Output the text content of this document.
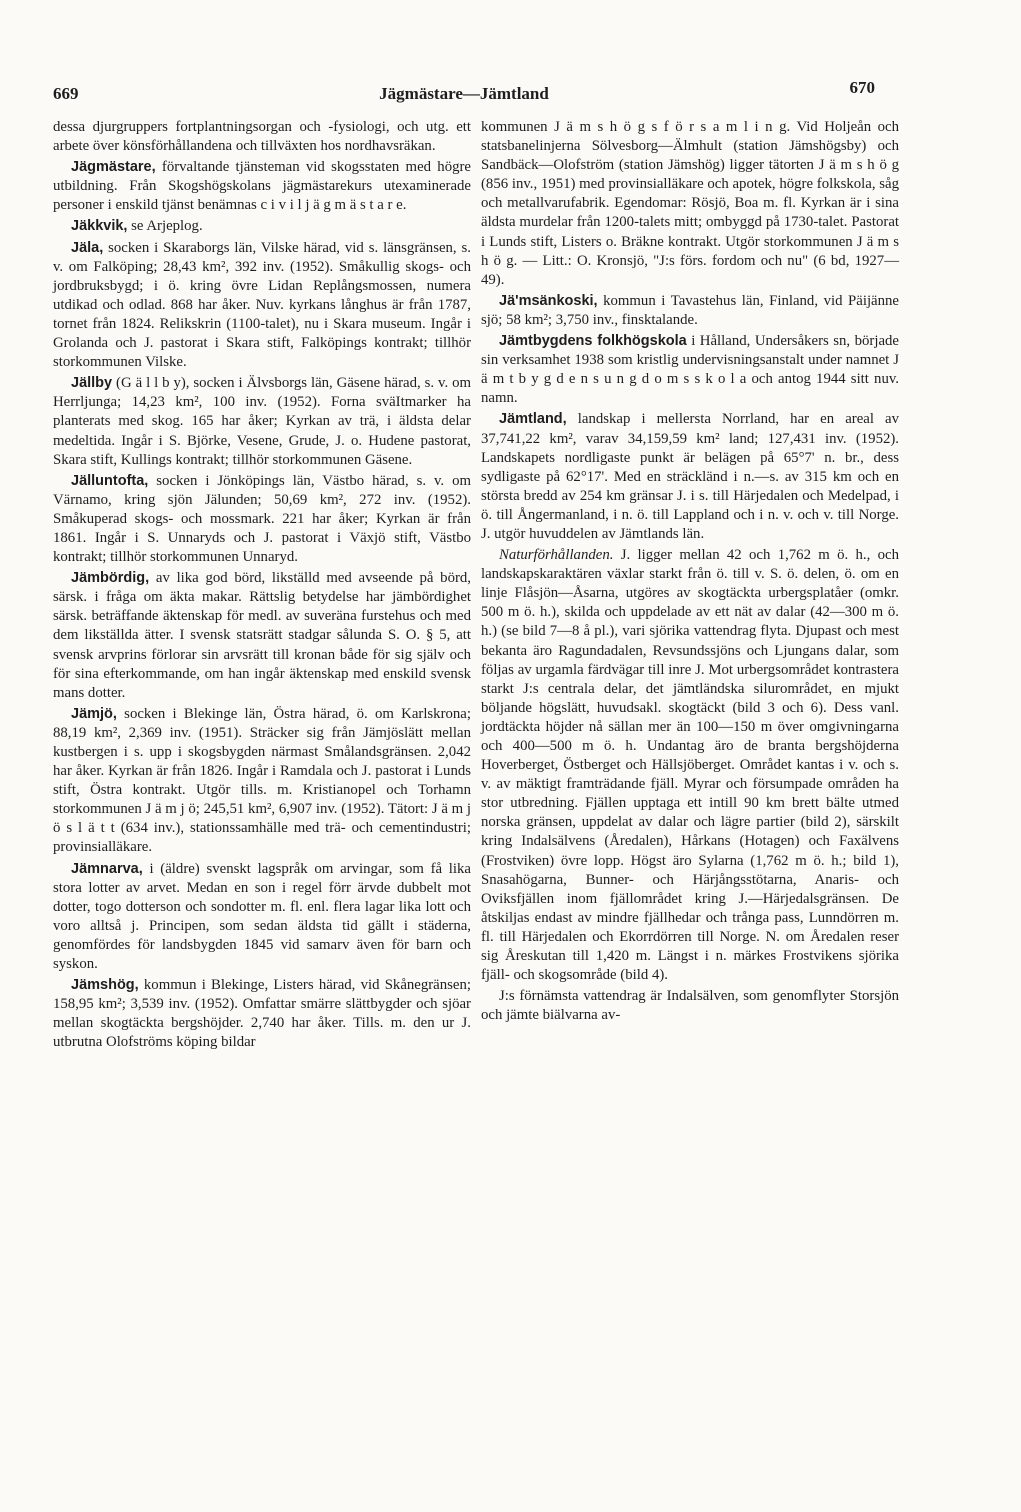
669	Jägmästare—Jämtland	670

dessa djurgruppers fortplantningsorgan och -fysiologi, och utg. ett arbete över könsförhållandena och tillväxten hos nordhavsräkan.

Jägmästare, förvaltande tjänsteman vid skogsstaten med högre utbildning. Från Skogshögskolans jägmästarekurs utexaminerade personer i enskild tjänst benämnas c i v i l j ä g m ä s t a r e.

Jäkkvik, se Arjeplog.

Jäla, socken i Skaraborgs län, Vilske härad, vid s. länsgränsen, s. v. om Falköping; 28,43 km², 392 inv. (1952). Småkullig skogs- och jordbruksbygd; i ö. kring övre Lidan Replångsmossen, numera utdikad och odlad. 868 har åker. Nuv. kyrkans långhus är från 1787, tornet från 1824. Relikskrin (1100-talet), nu i Skara museum. Ingår i Grolanda och J. pastorat i Skara stift, Falköpings kontrakt; tillhör storkommunen Vilske.

Jällby (G ä l l b y), socken i Älvsborgs län, Gäsene härad, s. v. om Herrljunga; 14,23 km², 100 inv. (1952). Forna sväItmarker ha planterats med skog. 165 har åker; Kyrkan av trä, i äldsta delar medeltida. Ingår i S. Björke, Vesene, Grude, J. o. Hudene pastorat, Skara stift, Kullings kontrakt; tillhör storkommunen Gäsene.

Jälluntofta, socken i Jönköpings län, Västbo härad, s. v. om Värnamo, kring sjön Jälunden; 50,69 km², 272 inv. (1952). Småkuperad skogs- och mossmark. 221 har åker; Kyrkan är från 1861. Ingår i S. Unnaryds och J. pastorat i Växjö stift, Västbo kontrakt; tillhör storkommunen Unnaryd.

Jämbördig, av lika god börd, likställd med avseende på börd, särsk. i fråga om äkta makar. Rättslig betydelse har jämbördighet särsk. beträffande äktenskap för medl. av suveräna furstehus och med dem likställda ätter. I svensk statsrätt stadgar sålunda S. O. § 5, att svensk arvprins förlorar sin arvsrätt till kronan både för sig själv och för sina efterkommande, om han ingår äktenskap med enskild svensk mans dotter.

Jämjö, socken i Blekinge län, Östra härad, ö. om Karlskrona; 88,19 km², 2,369 inv. (1951). Sträcker sig från Jämjöslätt mellan kustbergen i s. upp i skogsbygden närmast Smålandsgränsen. 2,042 har åker. Kyrkan är från 1826. Ingår i Ramdala och J. pastorat i Lunds stift, Östra kontrakt. Utgör tills. m. Kristianopel och Torhamn storkommunen J ä m j ö; 245,51 km², 6,907 inv. (1952). Tätort: J ä m j ö s l ä t t (634 inv.), stationssamhälle med trä- och cementindustri; provinsialläkare.

Jämnarva, i (äldre) svenskt lagspråk om arvingar, som få lika stora lotter av arvet. Medan en son i regel förr ärvde dubbelt mot dotter, togo dotterson och sondotter m. fl. enl. flera lagar lika lott och voro alltså j. Principen, som sedan äldsta tid gällt i städerna, genomfördes för landsbygden 1845 vid samarv även för barn och syskon.

Jämshög, kommun i Blekinge, Listers härad, vid Skånegränsen; 158,95 km²; 3,539 inv. (1952). Omfattar smärre slättbygder och sjöar mellan skogtäckta bergshöjder. 2,740 har åker. Tills. m. den ur J. utbrutna Olofströms köping bildar

kommunen J ä m s h ö g s f ö r s a m l i n g. Vid Holjeån och statsbanelinjerna Sölvesborg—Älmhult (station Jämshögsby) och Sandbäck—Olofström (station Jämshög) ligger tätorten J ä m s h ö g (856 inv., 1951) med provinsialläkare och apotek, högre folkskola, såg och metallvarufabrik. Egendomar: Rösjö, Boa m. fl. Kyrkan är i sina äldsta murdelar från 1200-talets mitt; ombyggd på 1730-talet. Pastorat i Lunds stift, Listers o. Bräkne kontrakt. Utgör storkommunen J ä m s h ö g. — Litt.: O. Kronsjö, "J:s förs. fordom och nu" (6 bd, 1927—49).

Jä'msänkoski, kommun i Tavastehus län, Finland, vid Päijänne sjö; 58 km²; 3,750 inv., finsktalande.

Jämtbygdens folkhögskola i Hålland, Undersåkers sn, började sin verksamhet 1938 som kristlig undervisningsanstalt under namnet J ä m t b y g d e n s u n g d o m s s k o l a och antog 1944 sitt nuv. namn.

Jämtland, landskap i mellersta Norrland, har en areal av 37,741,22 km², varav 34,159,59 km² land; 127,431 inv. (1952). Landskapets nordligaste punkt är belägen på 65°7' n. br., dess sydligaste på 62°17'. Med en sträckländ i n.—s. av 315 km och en största bredd av 254 km gränsar J. i s. till Härjedalen och Medelpad, i ö. till Ångermanland, i n. ö. till Lappland och i n. v. och v. till Norge. J. utgör huvuddelen av Jämtlands län.

Naturförhållanden. J. ligger mellan 42 och 1,762 m ö. h., och landskapskaraktären växlar starkt från ö. till v. S. ö. delen, ö. om en linje Flåsjön—Åsarna, utgöres av skogtäckta urbergsplatåer (omkr. 500 m ö. h.), skilda och uppdelade av ett nät av dalar (42—300 m ö. h.) (se bild 7—8 å pl.), vari sjörika vattendrag flyta. Djupast och mest bekanta äro Ragundadalen, Revsundssjöns och Ljungans dalar, som följas av urgamla färdvägar till inre J. Mot urbergsområdet kontrastera starkt J:s centrala delar, det jämtländska silurområdet, en mjukt böljande högslätt, huvudsakl. skogtäckt (bild 3 och 6). Dess vanl. jordtäckta höjder nå sällan mer än 100—150 m över omgivningarna och 400—500 m ö. h. Undantag äro de branta bergshöjderna Hoverberget, Östberget och Hällsjöberget. Området kantas i v. och s. v. av mäktigt framträdande fjäll. Myrar och försumpade områden ha stor utbredning. Fjällen upptaga ett intill 90 km brett bälte utmed norska gränsen, uppdelat av dalar och lägre partier (bild 2), särskilt kring Indalsälvens (Åredalen), Hårkans (Hotagen) och Faxälvens (Frostviken) övre lopp. Högst äro Sylarna (1,762 m ö. h.; bild 1), Snasahögarna, Bunner- och Härjångsstötarna, Anaris- och Oviksfjällen inom fjällområdet kring J.—Härjedalsgränsen. De åtskiljas endast av mindre fjällhedar och trånga pass, Lunndörren m. fl. till Härjedalen och Ekorrdörren till Norge. N. om Åredalen reser sig Åreskutan till 1,420 m. Längst i n. märkes Frostvikens sjörika fjäll- och skogsområde (bild 4).

J:s förnämsta vattendrag är Indalsälven, som genomflyter Storsjön och jämte biälvarna av-
